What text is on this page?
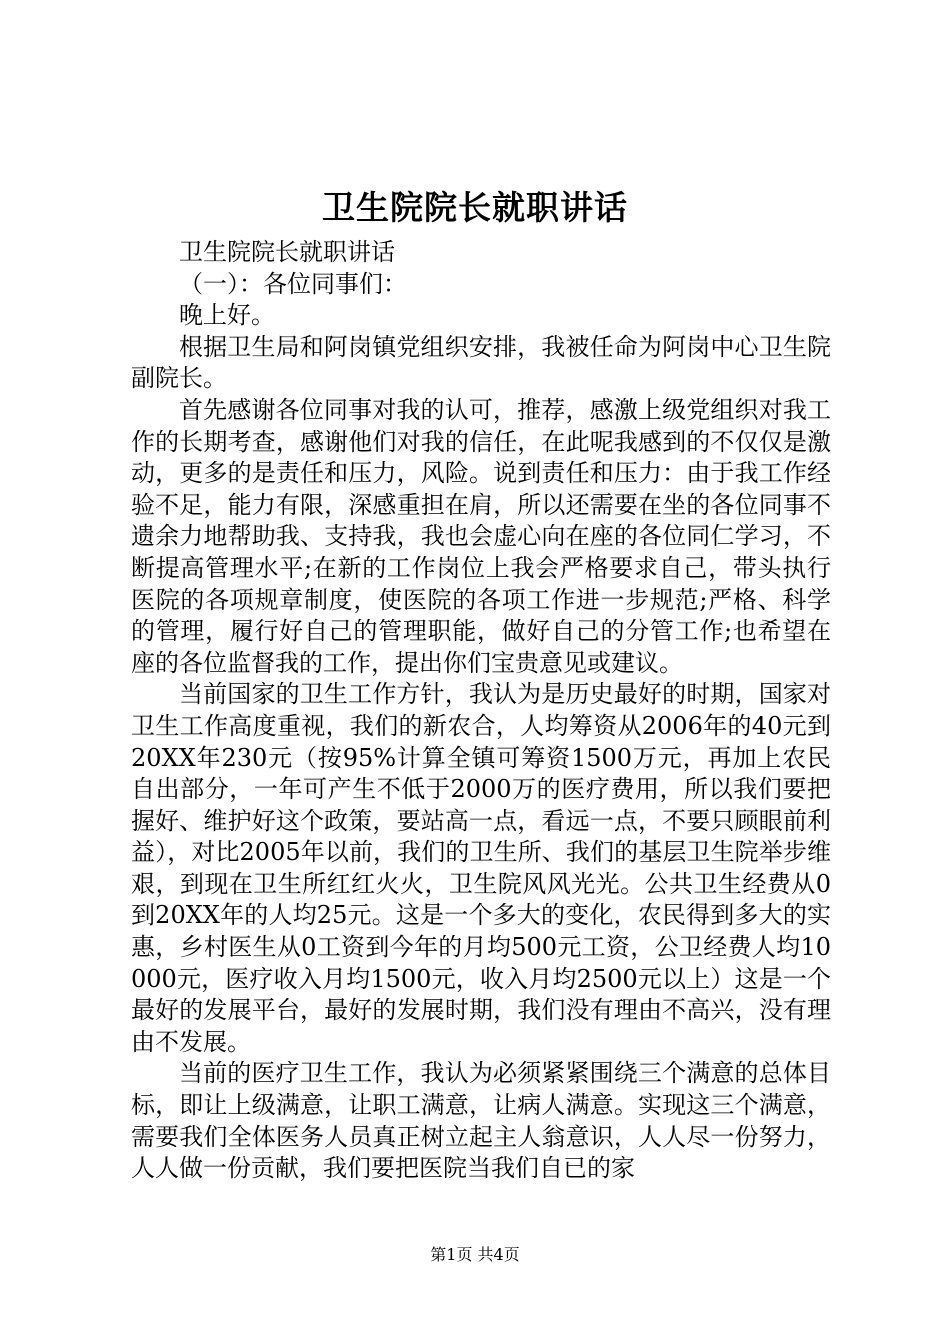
卫生院院长就职讲话

卫生院院长就职讲话

（一）：各位同事们：

晚上好。

根据卫生局和阿岗镇党组织安排，我被任命为阿岗中心卫生院副院长。

首先感谢各位同事对我的认可，推荐，感激上级党组织对我工作的长期考查，感谢他们对我的信任，在此呢我感到的不仅仅是激动，更多的是责任和压力，风险。说到责任和压力：由于我工作经验不足，能力有限，深感重担在肩，所以还需要在坐的各位同事不遗余力地帮助我、支持我，我也会虚心向在座的各位同仁学习，不断提高管理水平;在新的工作岗位上我会严格要求自己，带头执行医院的各项规章制度，使医院的各项工作进一步规范;严格、科学的管理，履行好自己的管理职能，做好自己的分管工作;也希望在座的各位监督我的工作，提出你们宝贵意见或建议。

当前国家的卫生工作方针，我认为是历史最好的时期，国家对卫生工作高度重视，我们的新农合，人均筹资从2006年的40元到20XX年230元（按95%计算全镇可筹资1500万元，再加上农民自出部分，一年可产生不低于2000万的医疗费用，所以我们要把握好、维护好这个政策，要站高一点，看远一点，不要只顾眼前利益），对比2005年以前，我们的卫生所、我们的基层卫生院举步维艰，到现在卫生所红红火火，卫生院风风光光。公共卫生经费从0到20XX年的人均25元。这是一个多大的变化，农民得到多大的实惠，乡村医生从0工资到今年的月均500元工资，公卫经费人均10000元，医疗收入月均1500元，收入月均2500元以上）这是一个最好的发展平台，最好的发展时期，我们没有理由不高兴，没有理由不发展。

当前的医疗卫生工作，我认为必须紧紧围绕三个满意的总体目标，即让上级满意，让职工满意，让病人满意。实现这三个满意，需要我们全体医务人员真正树立起主人翁意识，人人尽一份努力，人人做一份贡献，我们要把医院当我们自已的家

第1页 共4页
